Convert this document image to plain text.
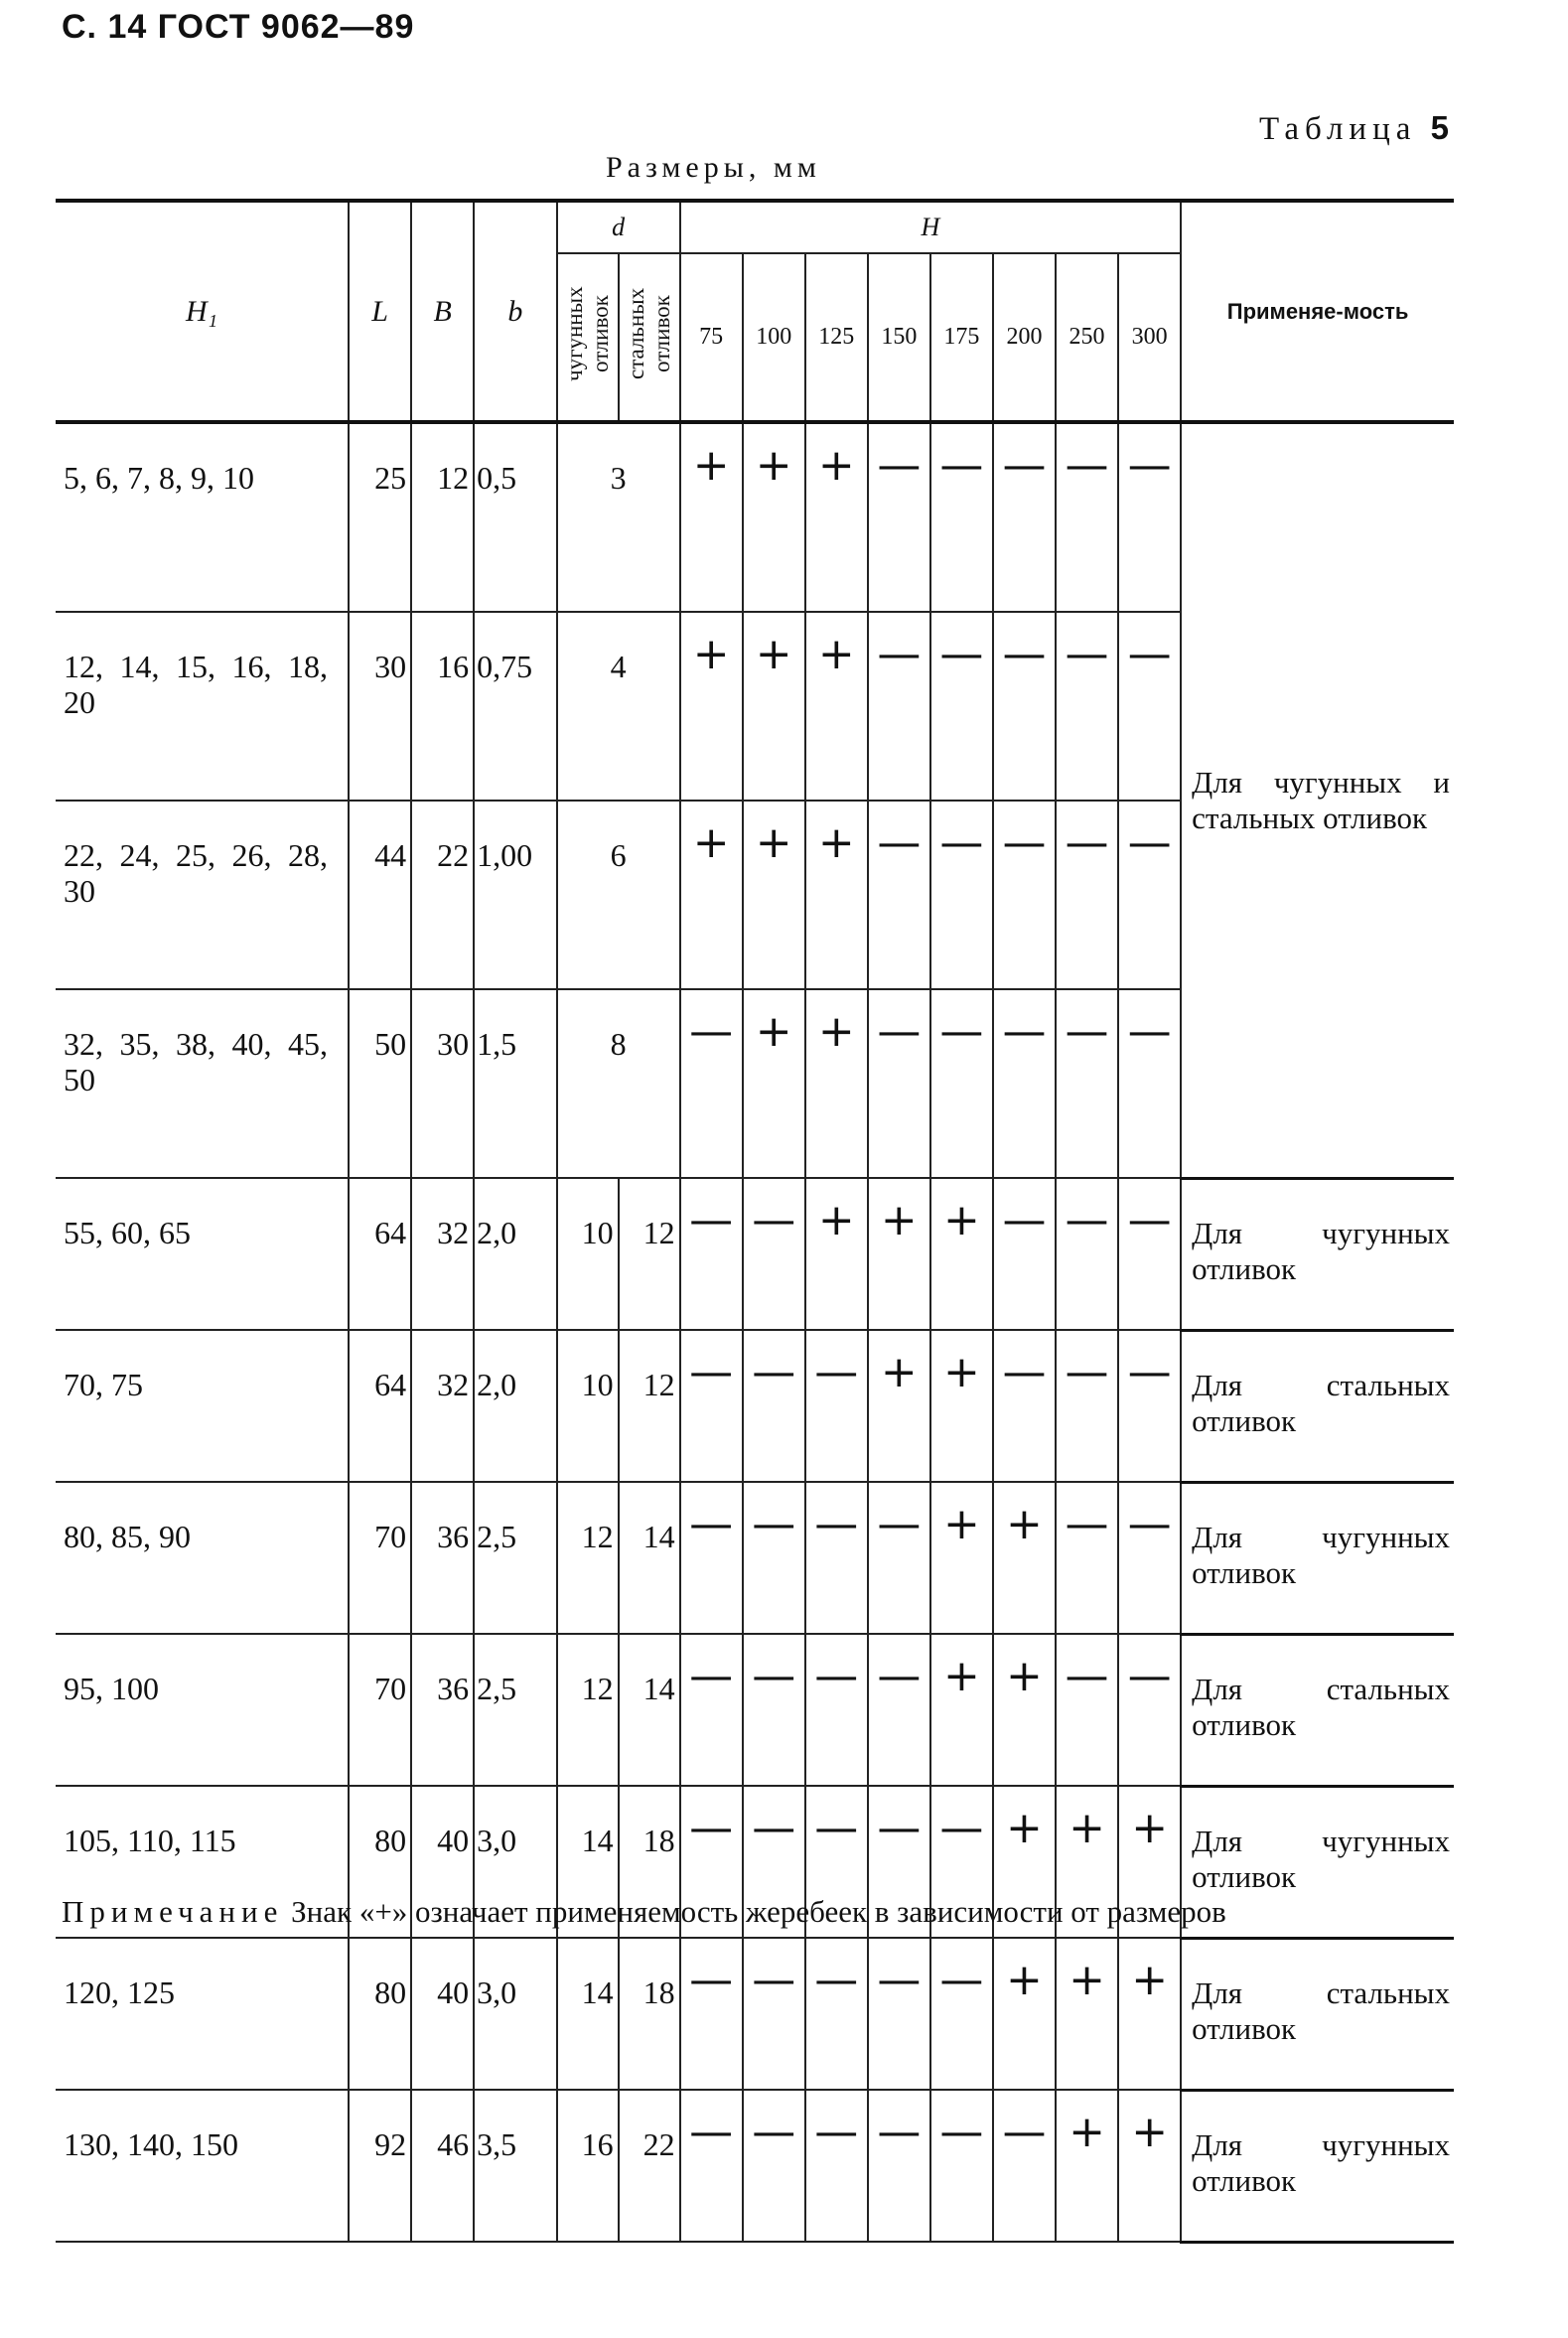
С. 14 ГОСТ 9062—89
Таблица 5
Размеры, мм
H₁	L	B	b	d		H								Применяе-мость
				чугунных отливок	стальных отливок	75	100	125	150	175	200	250	300	
5, 6, 7, 8, 9, 10	25	12	0,5	3		+	+	+	—	—	—	—	—	Для чугунных и стальных отливок
12, 14, 15, 16, 18, 20	30	16	0,75	4		+	+	+	—	—	—	—	—	
22, 24, 25, 26, 28, 30	44	22	1,00	6		+	+	+	—	—	—	—	—	
32, 35, 38, 40, 45, 50	50	30	1,5	8		—	+	+	—	—	—	—	—	
55, 60, 65	64	32	2,0	10	12	—	—	+	+	+	—	—	—	Для чугунных отливок
70, 75	64	32	2,0	10	12	—	—	—	+	+	—	—	—	Для стальных отливок
80, 85, 90	70	36	2,5	12	14	—	—	—	—	+	+	—	—	Для чугунных отливок
95, 100	70	36	2,5	12	14	—	—	—	—	+	+	—	—	Для стальных отливок
105, 110, 115	80	40	3,0	14	18	—	—	—	—	—	+	+	+	Для чугунных отливок
120, 125	80	40	3,0	14	18	—	—	—	—	—	+	+	+	Для стальных отливок
130, 140, 150	92	46	3,5	16	22	—	—	—	—	—	—	+	+	Для чугунных отливок
Примечание Знак «+» означает применяемость жеребеек в зависимости от размеров
